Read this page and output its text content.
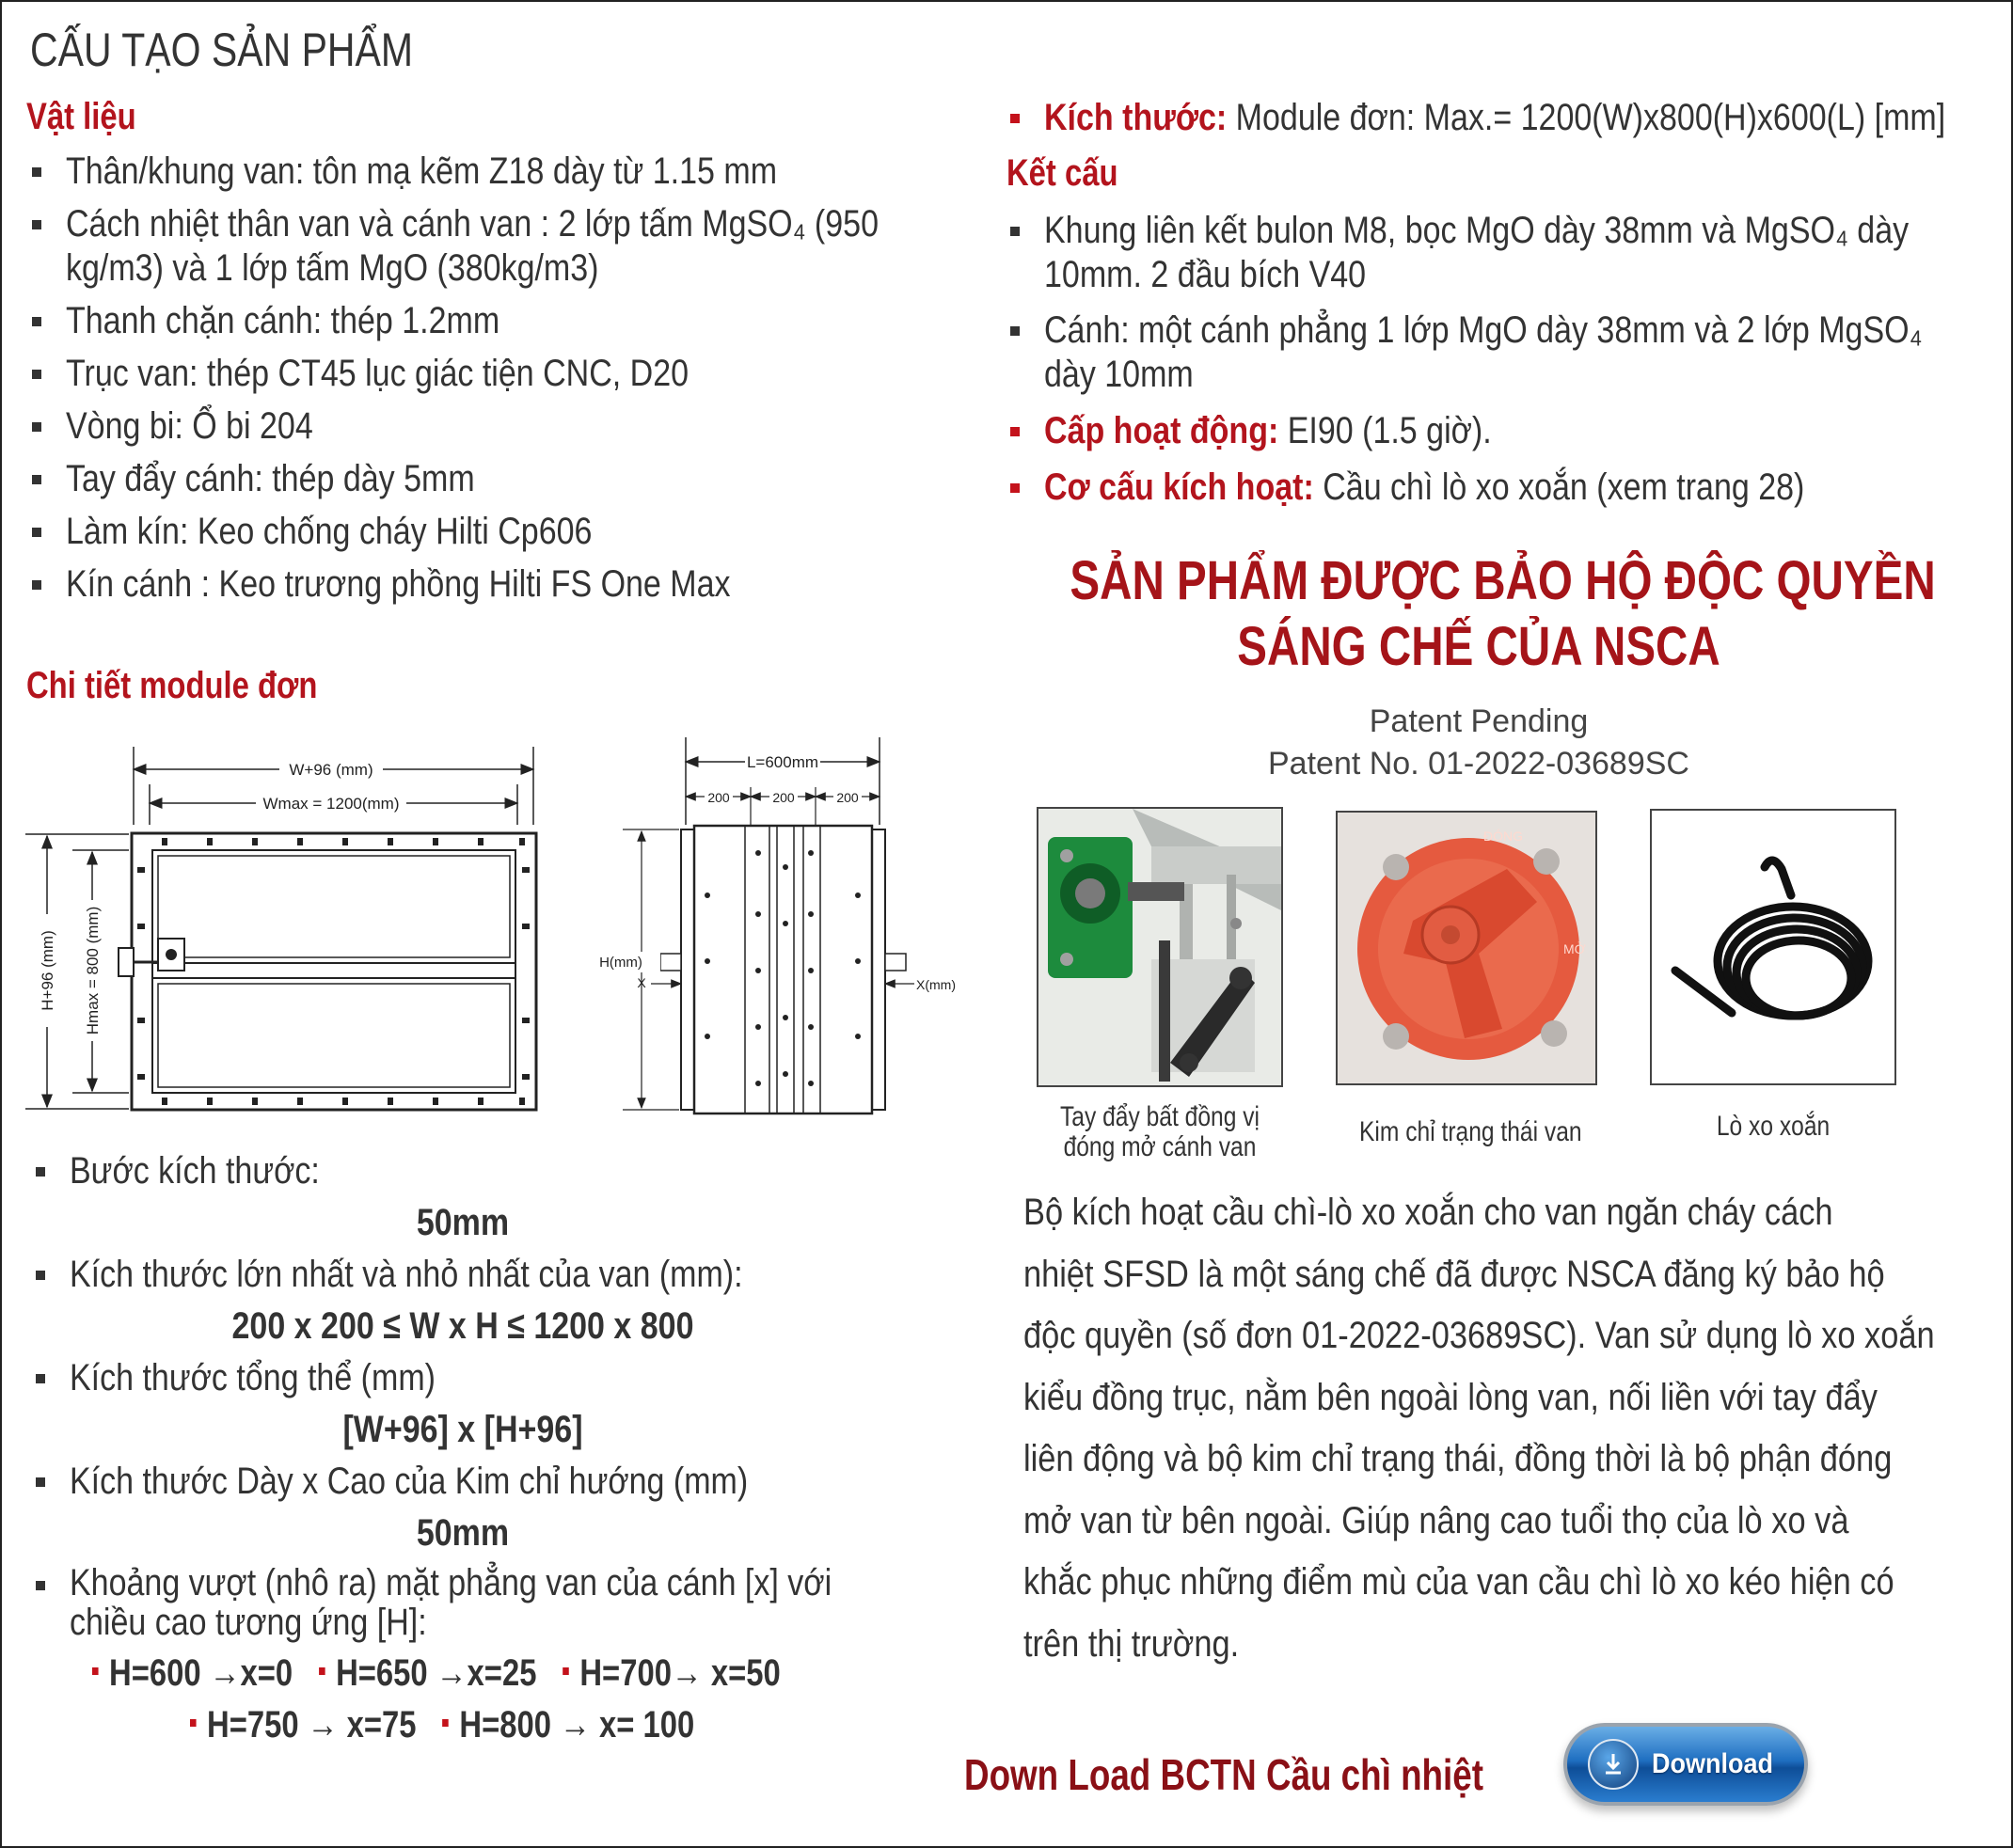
CẤU TẠO SẢN PHẨM
Vật liệu
Thân/khung van: tôn mạ kẽm Z18 dày từ 1.15 mm
Cách nhiệt thân van và cánh van : 2 lớp tấm MgSO₄ (950
kg/m3) và 1 lớp tấm MgO (380kg/m3)
Thanh chặn cánh: thép 1.2mm
Trục van: thép CT45 lục giác tiện CNC, D20
Vòng bi: Ổ bi 204
Tay đẩy cánh: thép dày 5mm
Làm kín: Keo chống cháy Hilti Cp606
Kín cánh : Keo trương phồng Hilti FS One Max
Chi tiết module đơn
W+96 (mm)
Wmax = 1200(mm)
H+96 (mm) Hmax = 800 (mm)
L=600mm
200	200	200
H(mm)
X	X(mm)
Bước kích thước:
50mm
Kích thước lớn nhất và nhỏ nhất của van (mm):
200 x 200 ≤ W x H ≤ 1200 x 800
Kích thước tổng thể (mm)
[W+96] x [H+96]
Kích thước Dày x Cao của Kim chỉ hướng (mm)
50mm
Khoảng vượt (nhô ra) mặt phẳng van của cánh [x] với
chiều cao tương ứng [H]:
H=600 →x=0 H=650 →x=25 H=700→ x=50
H=750 → x=75 H=800 → x= 100
Kích thước: Module đơn: Max.= 1200(W)x800(H)x600(L) [mm]
Kết cấu
Khung liên kết bulon M8, bọc MgO dày 38mm và MgSO₄ dày
10mm. 2 đầu bích V40
Cánh: một cánh phẳng 1 lớp MgO dày 38mm và 2 lớp MgSO₄
dày 10mm
Cấp hoạt động: EI90 (1.5 giờ).
Cơ cấu kích hoạt: Cầu chì lò xo xoắn (xem trang 28)
SẢN PHẨM ĐƯỢC BẢO HỘ ĐỘC QUYỀN
SÁNG CHẾ CỦA NSCA
Patent Pending
Patent No. 01-2022-03689SC
Tay đẩy bất đồng vị
đóng mở cánh van
ĐÓNG
MỞ
Kim chỉ trạng thái van	Lò xo xoắn
Bộ kích hoạt cầu chì-lò xo xoắn cho van ngăn cháy cách
nhiệt SFSD là một sáng chế đã được NSCA đăng ký bảo hộ
độc quyền (số đơn 01-2022-03689SC). Van sử dụng lò xo xoắn
kiểu đồng trục, nằm bên ngoài lòng van, nối liền với tay đẩy
liên động và bộ kim chỉ trạng thái, đồng thời là bộ phận đóng
mở van từ bên ngoài. Giúp nâng cao tuổi thọ của lò xo và
khắc phục những điểm mù của van cầu chì lò xo kéo hiện có
trên thị trường.
Down Load BCTN Cầu chì nhiệt	Download
